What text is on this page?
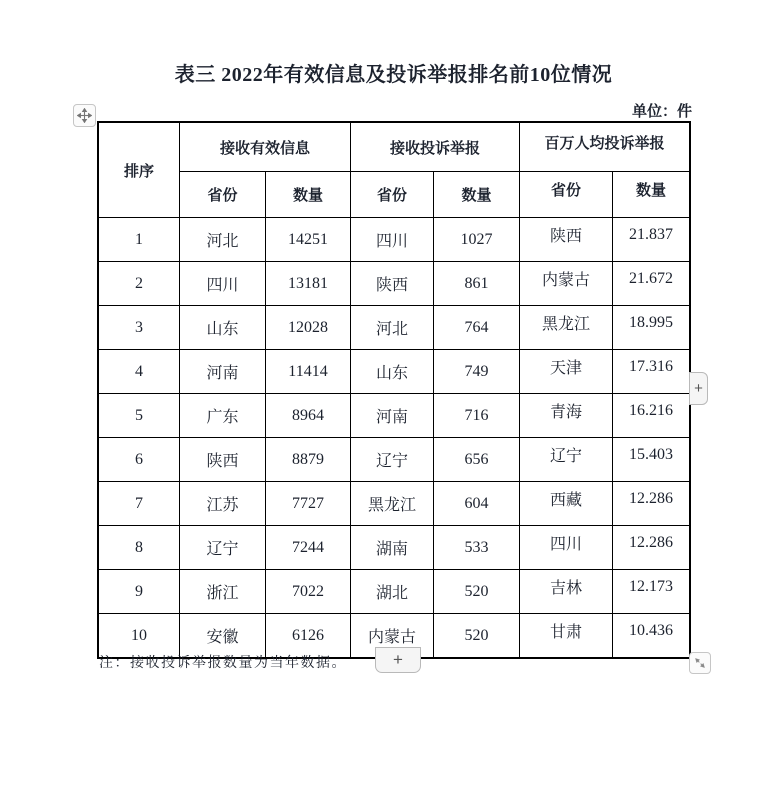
表三 2022年有效信息及投诉举报排名前10位情况
单位：件
排序	接收有效信息		接收投诉举报		百万人均投诉举报	
	省份	数量	省份	数量	省份	数量
1	河北	14251	四川	1027	陕西	21.837
2	四川	13181	陕西	861	内蒙古	21.672
3	山东	12028	河北	764	黑龙江	18.995
4	河南	11414	山东	749	天津	17.316
5	广东	8964	河南	716	青海	16.216
6	陕西	8879	辽宁	656	辽宁	15.403
7	江苏	7727	黑龙江	604	西藏	12.286
8	辽宁	7244	湖南	533	四川	12.286
9	浙江	7022	湖北	520	吉林	12.173
10	安徽	6126	内蒙古	520	甘肃	10.436
+
+
注：接收投诉举报数量为当年数据。
